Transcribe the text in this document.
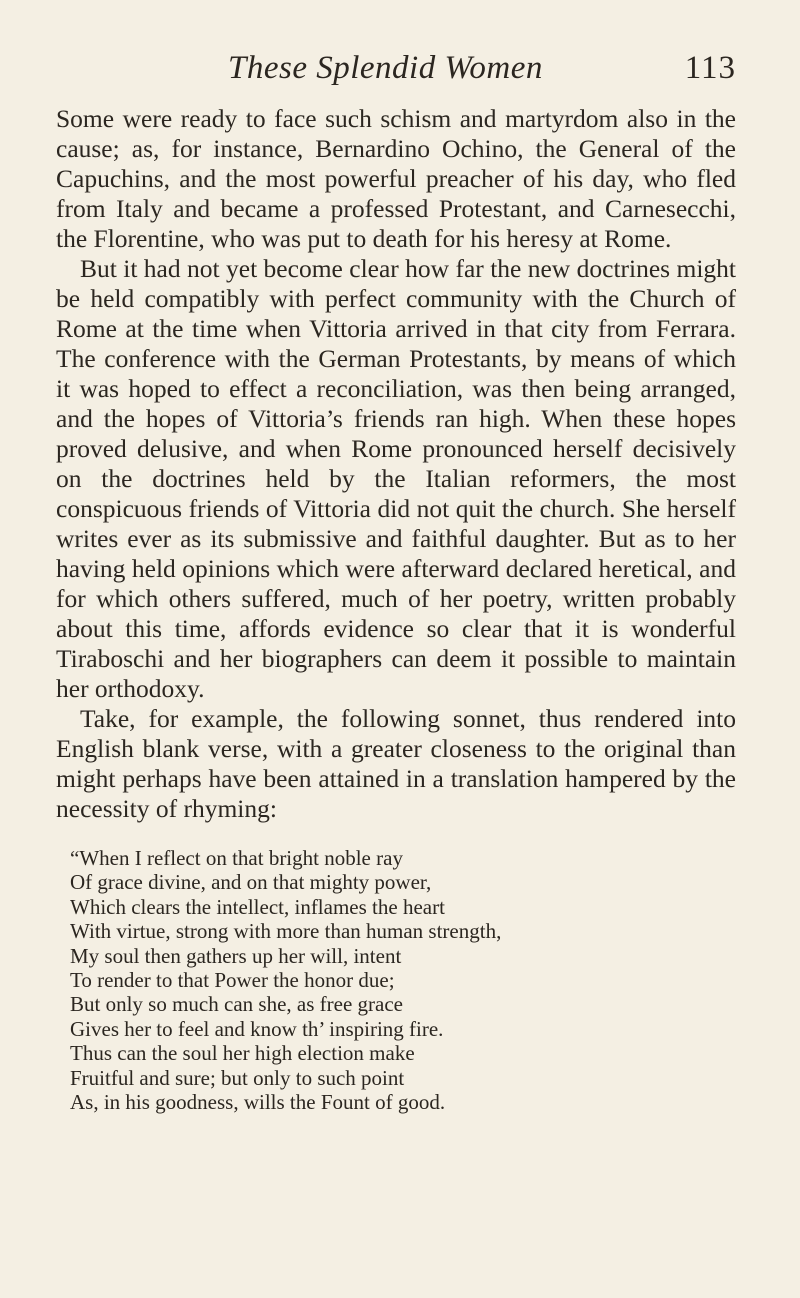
These Splendid Women	113

Some were ready to face such schism and martyrdom also in the cause; as, for instance, Bernardino Ochino, the General of the Capuchins, and the most powerful preacher of his day, who fled from Italy and became a professed Protestant, and Carnesecchi, the Florentine, who was put to death for his heresy at Rome.

But it had not yet become clear how far the new doctrines might be held compatibly with perfect community with the Church of Rome at the time when Vittoria arrived in that city from Ferrara. The conference with the German Protestants, by means of which it was hoped to effect a reconciliation, was then being arranged, and the hopes of Vittoria’s friends ran high. When these hopes proved delusive, and when Rome pronounced herself decisively on the doctrines held by the Italian reformers, the most conspicuous friends of Vittoria did not quit the church. She herself writes ever as its submissive and faithful daughter. But as to her having held opinions which were afterward declared heretical, and for which others suffered, much of her poetry, written probably about this time, affords evidence so clear that it is wonderful Tiraboschi and her biographers can deem it possible to maintain her orthodoxy.

Take, for example, the following sonnet, thus rendered into English blank verse, with a greater closeness to the original than might perhaps have been attained in a translation hampered by the necessity of rhyming:

“When I reflect on that bright noble ray
Of grace divine, and on that mighty power,
Which clears the intellect, inflames the heart
With virtue, strong with more than human strength,
My soul then gathers up her will, intent
To render to that Power the honor due;
But only so much can she, as free grace
Gives her to feel and know th’ inspiring fire.
Thus can the soul her high election make
Fruitful and sure; but only to such point
As, in his goodness, wills the Fount of good.
